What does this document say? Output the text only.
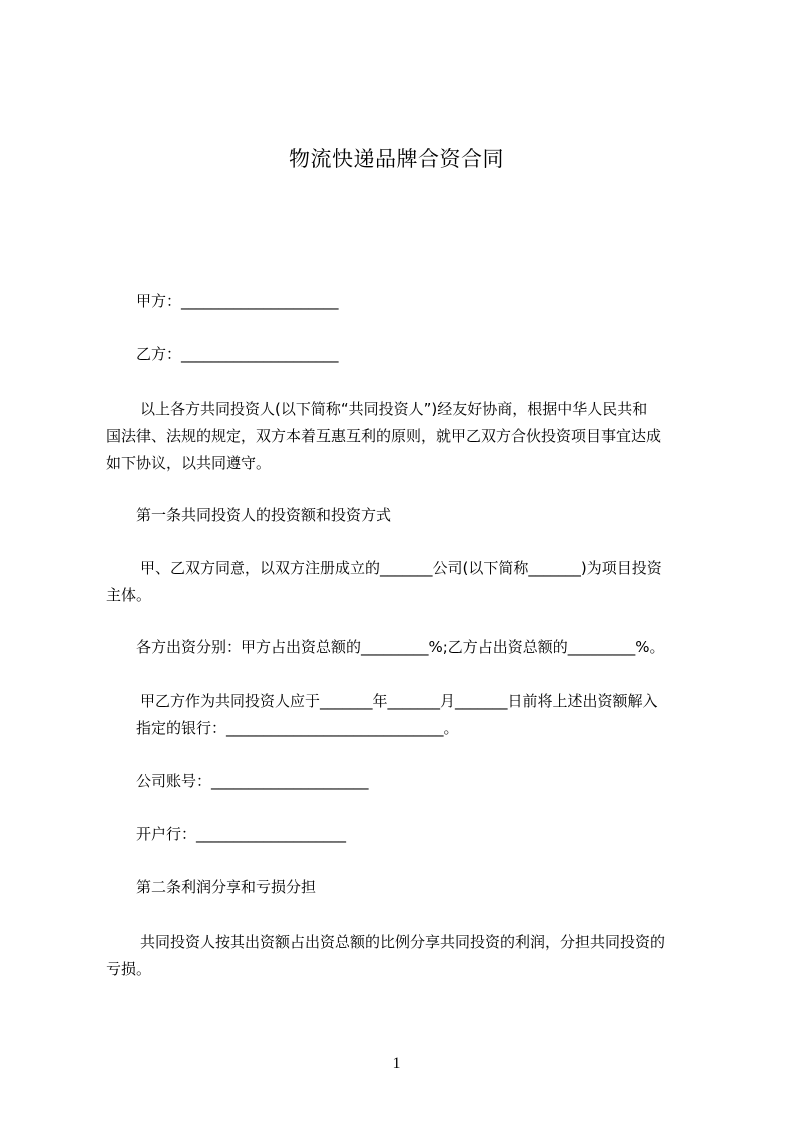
物流快递品牌合资合同
甲方：_____________________
乙方：_____________________
以上各方共同投资人(以下简称“共同投资人”)经友好协商，根据中华人民共和
国法律、法规的规定，双方本着互惠互利的原则，就甲乙双方合伙投资项目事宜达成
如下协议，以共同遵守。
第一条共同投资人的投资额和投资方式
甲、乙双方同意，以双方注册成立的_______公司(以下简称_______)为项目投资
主体。
各方出资分别：甲方占出资总额的_________%;乙方占出资总额的_________%。
甲乙方作为共同投资人应于_______年_______月_______日前将上述出资额解入
指定的银行：_____________________________。
公司账号：_____________________
开户行：____________________
第二条利润分享和亏损分担
共同投资人按其出资额占出资总额的比例分享共同投资的利润，分担共同投资的
亏损。
1
